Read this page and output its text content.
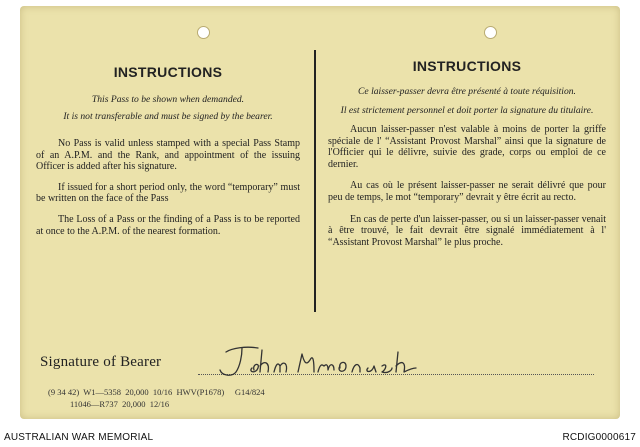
INSTRUCTIONS
This Pass to be shown when demanded.
It is not transferable and must be signed by the bearer.
No Pass is valid unless stamped with a special Pass Stamp of an A.P.M. and the Rank, and appointment of the issuing Officer is added after his signature.
If issued for a short period only, the word “temporary” must be written on the face of the Pass
The Loss of a Pass or the finding of a Pass is to be reported at once to the A.P.M. of the nearest formation.
INSTRUCTIONS
Ce laisser-passer devra être présenté à toute réquisition.
Il est strictement personnel et doit porter la signature du titulaire.
Aucun laisser-passer n'est valable à moins de porter la griffe spéciale de l' “Assistant Provost Marshal” ainsi que la signature de l'Officier qui le délivre, suivie des grade, corps ou emploi de ce dernier.
Au cas où le présent laisser-passer ne serait délivré que pour peu de temps, le mot “temporary” devrait y être écrit au recto.
En cas de perte d'un laisser-passer, ou si un laisser-passer venait à être trouvé, le fait devrait être signalé immédiatement à l' “Assistant Provost Marshal” le plus proche.
Signature of Bearer
(9 34 42)  W1—5358  20,000  10/16  HWV(P1678)     G14/824
11046—R737  20,000  12/16
AUSTRALIAN WAR MEMORIAL	RCDIG0000617
